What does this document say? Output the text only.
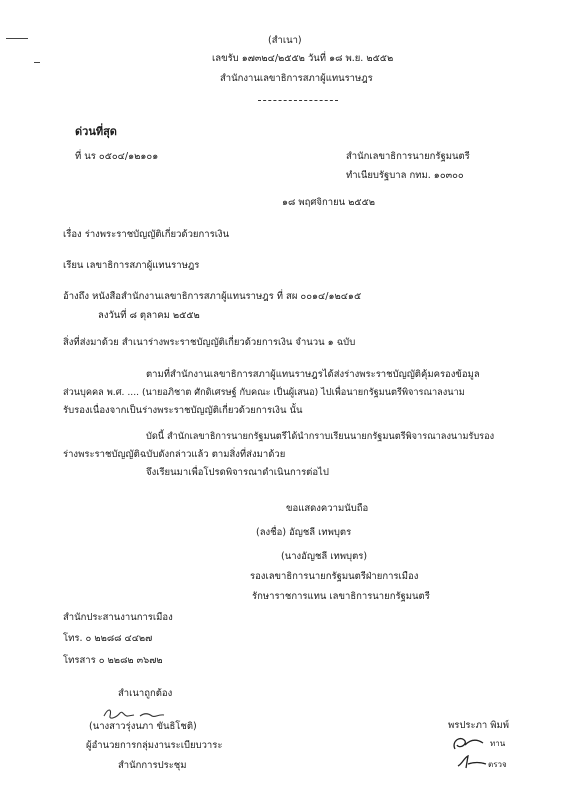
(สำเนา)
เลขรับ ๑๗๓๒๔/๒๕๕๒ วันที่ ๑๘ พ.ย. ๒๕๕๒
สำนักงานเลขาธิการสภาผู้แทนราษฎร
ด่วนที่สุด
ที่ นร ๐๕๐๔/๑๒๑๐๑	สำนักเลขาธิการนายกรัฐมนตรี
ทำเนียบรัฐบาล กทม. ๑๐๓๐๐
๑๘ พฤศจิกายน ๒๕๕๒
เรื่อง ร่างพระราชบัญญัติเกี่ยวด้วยการเงิน
เรียน เลขาธิการสภาผู้แทนราษฎร
อ้างถึง หนังสือสำนักงานเลขาธิการสภาผู้แทนราษฎร ที่ สผ ๐๐๑๔/๑๒๔๑๕
ลงวันที่ ๘ ตุลาคม ๒๕๕๒
สิ่งที่ส่งมาด้วย สำเนาร่างพระราชบัญญัติเกี่ยวด้วยการเงิน จำนวน ๑ ฉบับ
ตามที่สำนักงานเลขาธิการสภาผู้แทนราษฎรได้ส่งร่างพระราชบัญญัติคุ้มครองข้อมูล
ส่วนบุคคล พ.ศ. .... (นายอภิชาต ศักดิเศรษฐ์ กับคณะ เป็นผู้เสนอ) ไปเพื่อนายกรัฐมนตรีพิจารณาลงนาม
รับรองเนื่องจากเป็นร่างพระราชบัญญัติเกี่ยวด้วยการเงิน นั้น
บัดนี้ สำนักเลขาธิการนายกรัฐมนตรีได้นำกราบเรียนนายกรัฐมนตรีพิจารณาลงนามรับรอง
ร่างพระราชบัญญัติฉบับดังกล่าวแล้ว ตามสิ่งที่ส่งมาด้วย
จึงเรียนมาเพื่อโปรดพิจารณาดำเนินการต่อไป
ขอแสดงความนับถือ
(ลงชื่อ) อัญชลี เทพบุตร
(นางอัญชลี เทพบุตร)
รองเลขาธิการนายกรัฐมนตรีฝ่ายการเมือง
รักษาราชการแทน เลขาธิการนายกรัฐมนตรี
สำนักประสานงานการเมือง
โทร. ๐ ๒๒๘๘ ๔๔๒๗
โทรสาร ๐ ๒๒๘๒ ๓๖๗๒
สำเนาถูกต้อง
(นางสาวรุ่งนภา ขันธิโชติ)
ผู้อำนวยการกลุ่มงานระเบียบวาระ
สำนักการประชุม
พรประภา พิมพ์
ทาน
ตรวจ
